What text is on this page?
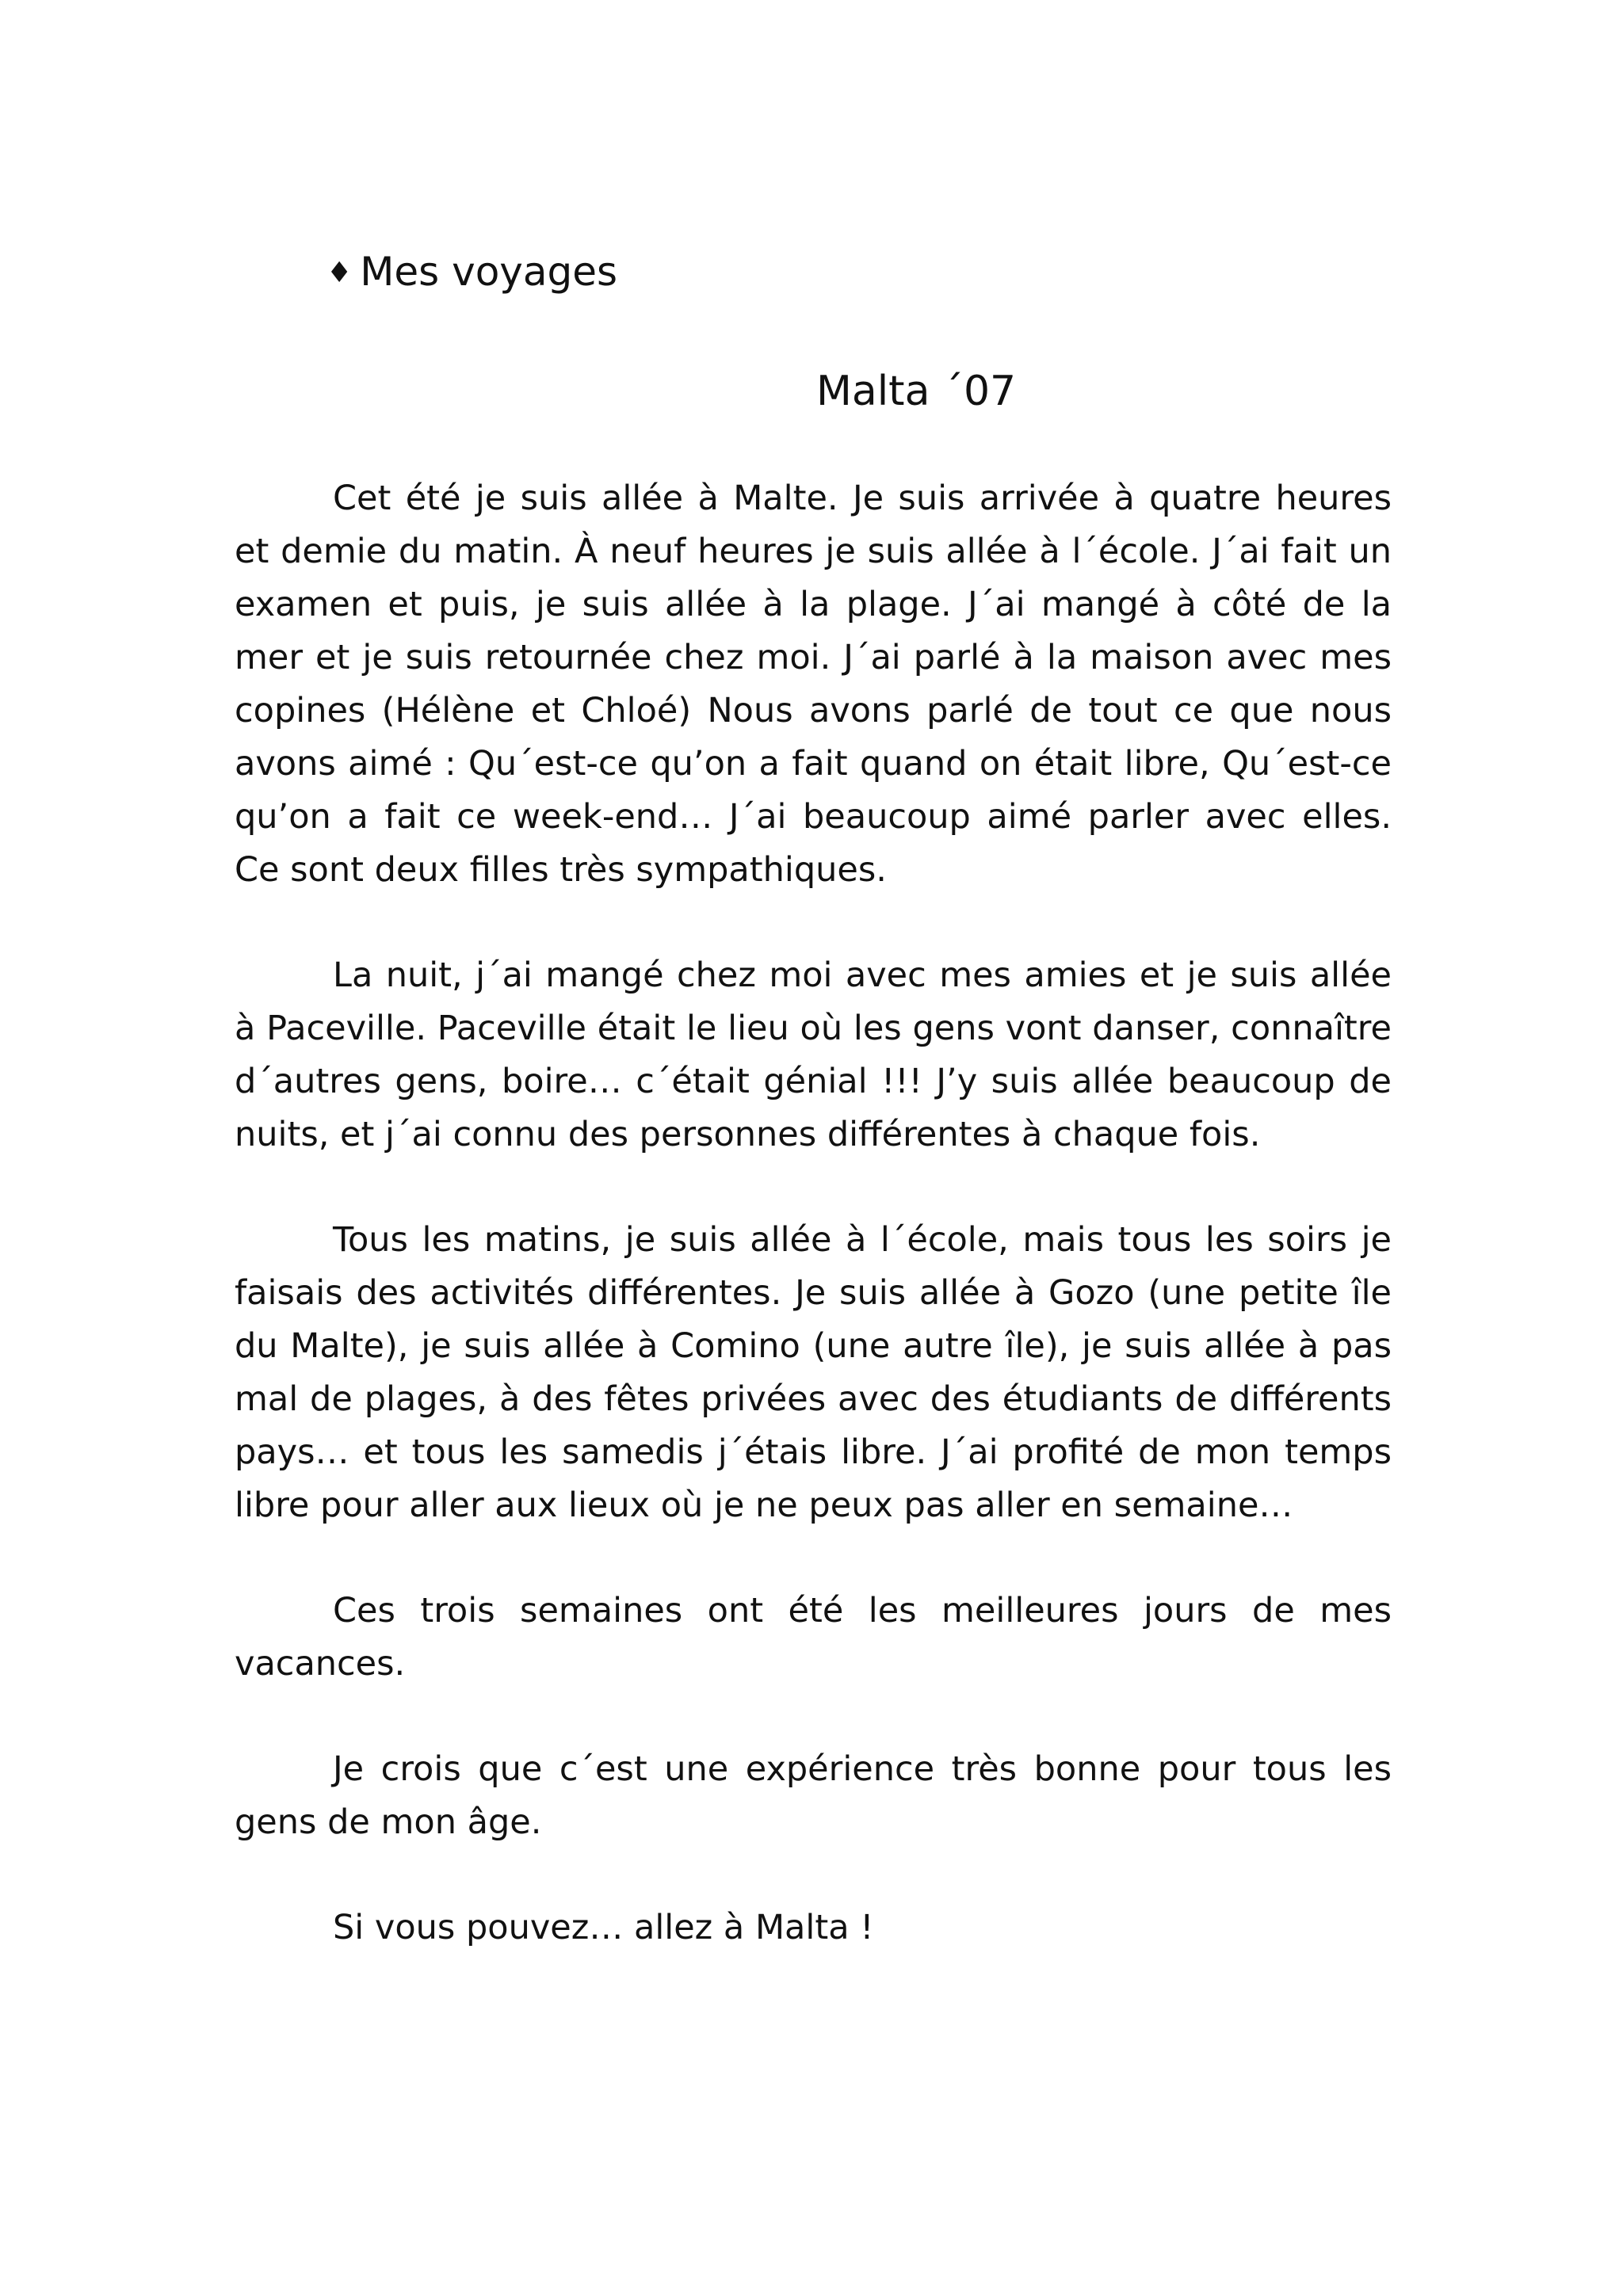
♦ Mes voyages
Malta ´07

Cet été je suis allée à Malte. Je suis arrivée à quatre heures et demie du matin. À neuf heures je suis allée à l´école. J´ai fait un examen et puis, je suis allée à la plage. J´ai mangé à côté de la mer et je suis retournée chez moi. J´ai parlé à la maison avec mes copines (Hélène et Chloé) Nous avons parlé de tout ce que nous avons aimé : Qu´est-ce qu’on a fait quand on était libre, Qu´est-ce qu’on a fait ce week-end… J´ai beaucoup aimé parler avec elles. Ce sont deux filles très sympathiques.

La nuit, j´ai mangé chez moi avec mes amies et je suis allée à Paceville. Paceville était le lieu où les gens vont danser, connaître d´autres gens, boire… c´était génial !!! J’y suis allée beaucoup de nuits, et j´ai connu des personnes différentes à chaque fois.

Tous les matins, je suis allée à l´école, mais tous les soirs je faisais des activités différentes. Je suis allée à Gozo (une petite île du Malte), je suis allée à Comino (une autre île), je suis allée à pas mal de plages, à des fêtes privées avec des étudiants de différents pays… et tous les samedis j´étais libre. J´ai profité de mon temps libre pour aller aux lieux où je ne peux pas aller en semaine…

Ces trois semaines ont été les meilleures jours de mes vacances.

Je crois que c´est une expérience très bonne pour tous les gens de mon âge.

Si vous pouvez… allez à Malta !
